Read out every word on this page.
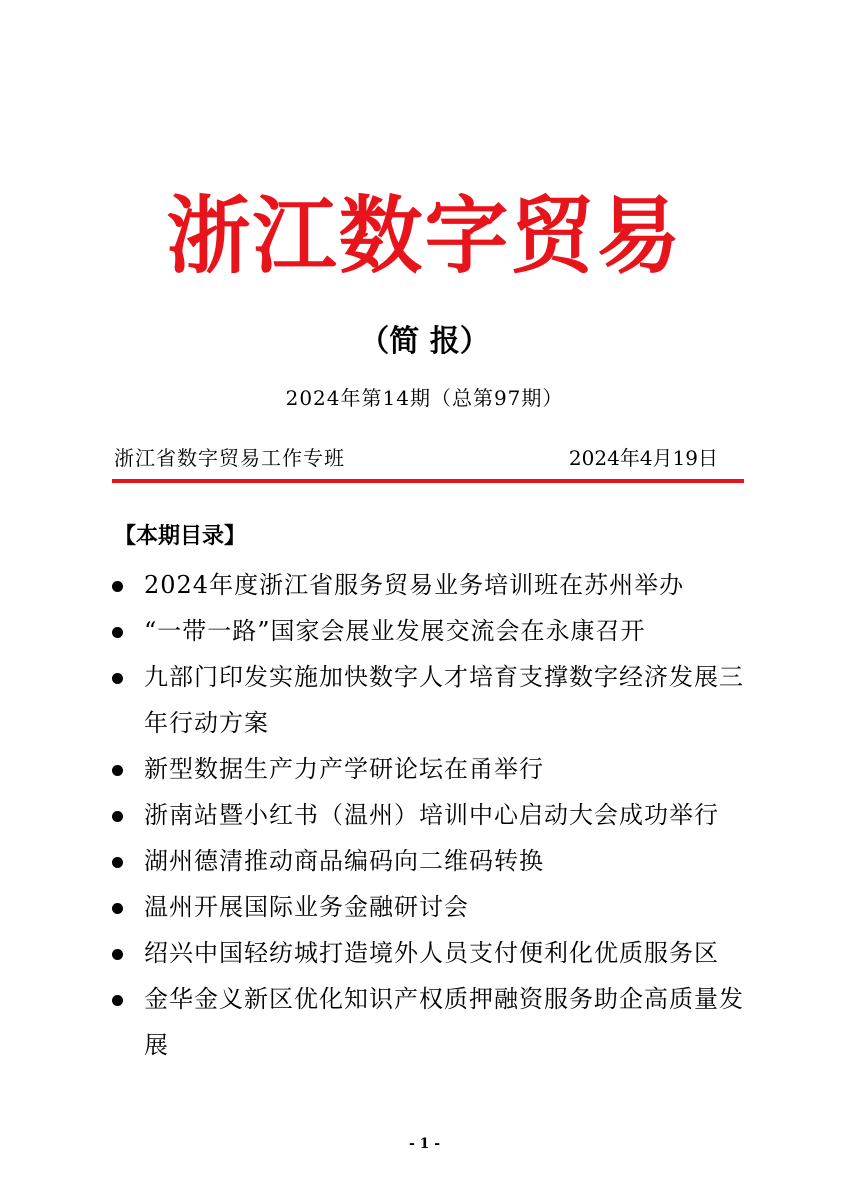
浙江数字贸易
（简 报）
2024年第14期（总第97期）
浙江省数字贸易工作专班	2024年4月19日
【本期目录】
2024年度浙江省服务贸易业务培训班在苏州举办
“一带一路”国家会展业发展交流会在永康召开
九部门印发实施加快数字人才培育支撑数字经济发展三年行动方案
新型数据生产力产学研论坛在甬举行
浙南站暨小红书（温州）培训中心启动大会成功举行
湖州德清推动商品编码向二维码转换
温州开展国际业务金融研讨会
绍兴中国轻纺城打造境外人员支付便利化优质服务区
金华金义新区优化知识产权质押融资服务助企高质量发展
- 1 -
